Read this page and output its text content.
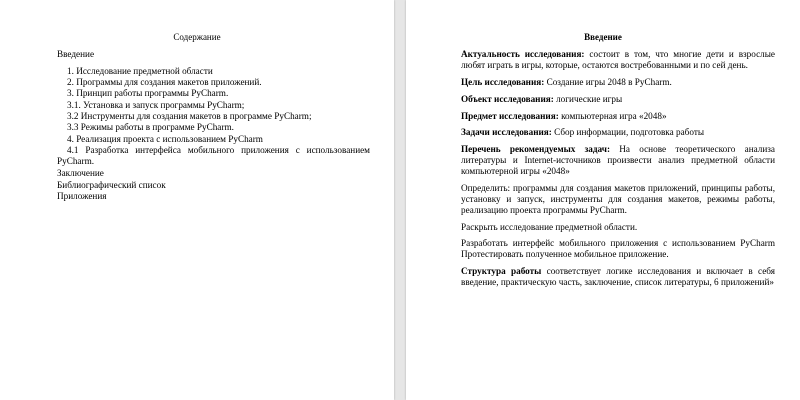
Содержание
Введение
1. Исследование предметной области
2. Программы для создания макетов приложений.
3. Принцип работы программы PyCharm.
3.1. Установка и запуск программы PyCharm;
3.2 Инструменты для создания макетов в программе PyCharm;
3.3 Режимы работы в программе PyCharm.
4. Реализация проекта с использованием PyCharm
4.1 Разработка интерфейса мобильного приложения с использованием PyCharm.
Заключение
Библиографический список
Приложения
Введение
Актуальность исследования: состоит в том, что многие дети и взрослые любят играть в игры, которые, остаются востребованными и по сей день.
Цель исследования: Создание игры 2048 в PyCharm.
Объект исследования: логические игры
Предмет исследования: компьютерная игра «2048»
Задачи исследования: Сбор информации, подготовка работы
Перечень рекомендуемых задач: На основе теоретического анализа литературы и Internet-источников произвести анализ предметной области компьютерной игры «2048»
Определить: программы для создания макетов приложений, принципы работы, установку и запуск, инструменты для создания макетов, режимы работы, реализацию проекта программы PyCharm.
Раскрыть исследование предметной области.
Разработать интерфейс мобильного приложения с использованием PyCharm Протестировать полученное мобильное приложение.
Структура работы соответствует логике исследования и включает в себя введение, практическую часть, заключение, список литературы, 6 приложений»
